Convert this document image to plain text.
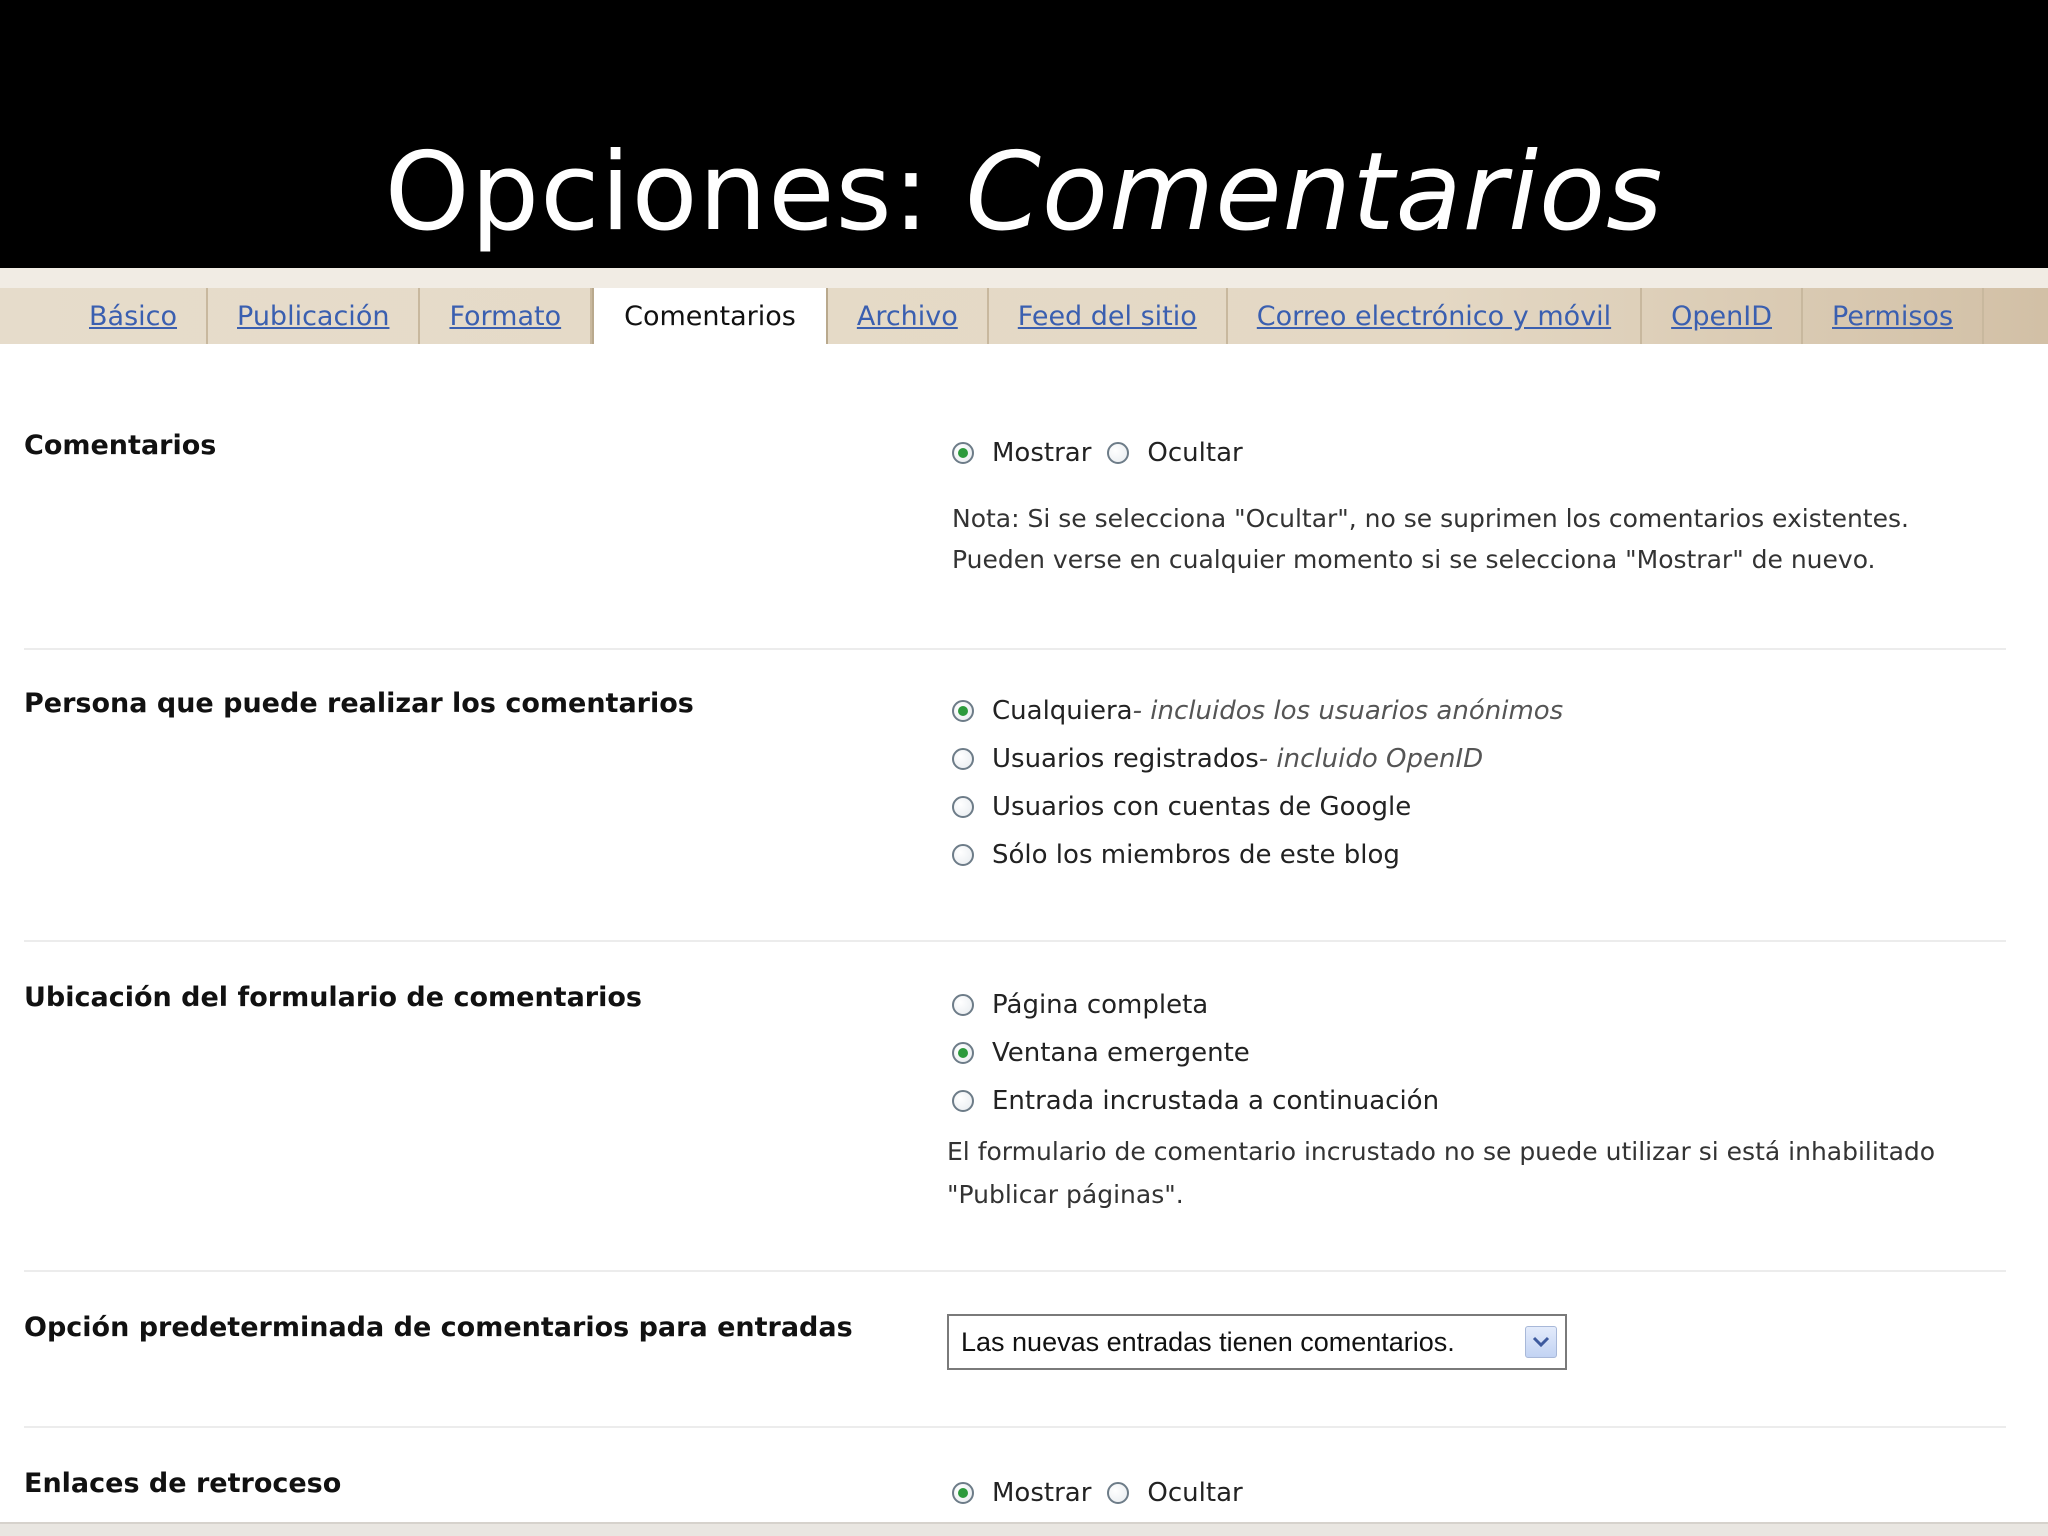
Opciones: Comentarios
Básico	Publicación	Formato	Comentarios	Archivo	Feed del sitio	Correo electrónico y móvil	OpenID	Permisos
Comentarios	Mostrar Ocultar
Nota: Si se selecciona "Ocultar", no se suprimen los comentarios existentes.
Pueden verse en cualquier momento si se selecciona "Mostrar" de nuevo.
Persona que puede realizar los comentarios	Cualquiera - incluidos los usuarios anónimos
Usuarios registrados - incluido OpenID
Usuarios con cuentas de Google
Sólo los miembros de este blog
Ubicación del formulario de comentarios	Página completa
Ventana emergente
Entrada incrustada a continuación
El formulario de comentario incrustado no se puede utilizar si está inhabilitado
"Publicar páginas".
Opción predeterminada de comentarios para entradas	Las nuevas entradas tienen comentarios.
Enlaces de retroceso	Mostrar Ocultar
